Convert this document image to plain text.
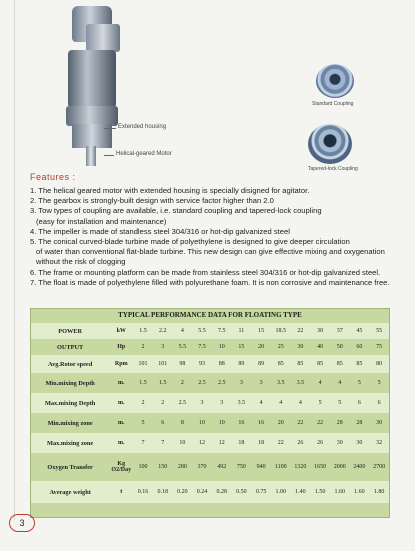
Extended housing
Helical-geared Motor
Standard Coupling
Tapered-lock Coupling
Features :
1. The helical geared motor with extended housing is specially disigned for agitator.
2. The gearbox is strongly-built design with service factor higher than 2.0
3. Tow types of coupling are available, i.e. standard coupling and tapered-lock coupling
(easy for installation and maintenance)
4. The impeller is made of standless steel 304/316 or hot-dip galvanized steel
5. The conical curved-blade turbine made of polyethylene is designed to give deeper circulation
of water than conventional flat-blade turbine. This new design can give effective mixing and oxygenation
without the risk of clogging
6. The frame or mounting platform can be made from stainless steel 304/316 or hot-dip galvanized steel.
7. The float is made of polyethylene filled with polyurethane foam. It is non corrosive and maintenance free.
TYPICAL PERFORMANCE DATA FOR FLOATING TYPE
POWER	kW	1.5	2.2	4	5.5	7.5	11	15	18.5	22	30	37	45	55
OUTPUT	Hp	2	3	5.5	7.5	10	15	20	25	30	40	50	60	75
Avg.Rotor speed	Rpm	101	101	98	93	88	89	89	85	85	85	85	85	80
Min.mixing Depth	m.	1.5	1.5	2	2.5	2.5	3	3	3.5	3.5	4	4	5	5
Max.mixing Depth	m.	2	2	2.5	3	3	3.5	4	4	4	5	5	6	6
Min.mixing zone	m.	5	6	8	10	10	16	16	20	22	22	28	28	30
Max.mixing zone	m.	7	7	10	12	12	18	18	22	26	26	30	30	32
Oxygen Transfer	Kg O2/Day	100	150	280	370	492	750	940	1100	1320	1650	2000	2400	2700
Average weight	t	0.16	0.18	0.20	0.24	0.28	0.50	0.75	1.00	1.40	1.50	1.60	1.60	1.80
3
